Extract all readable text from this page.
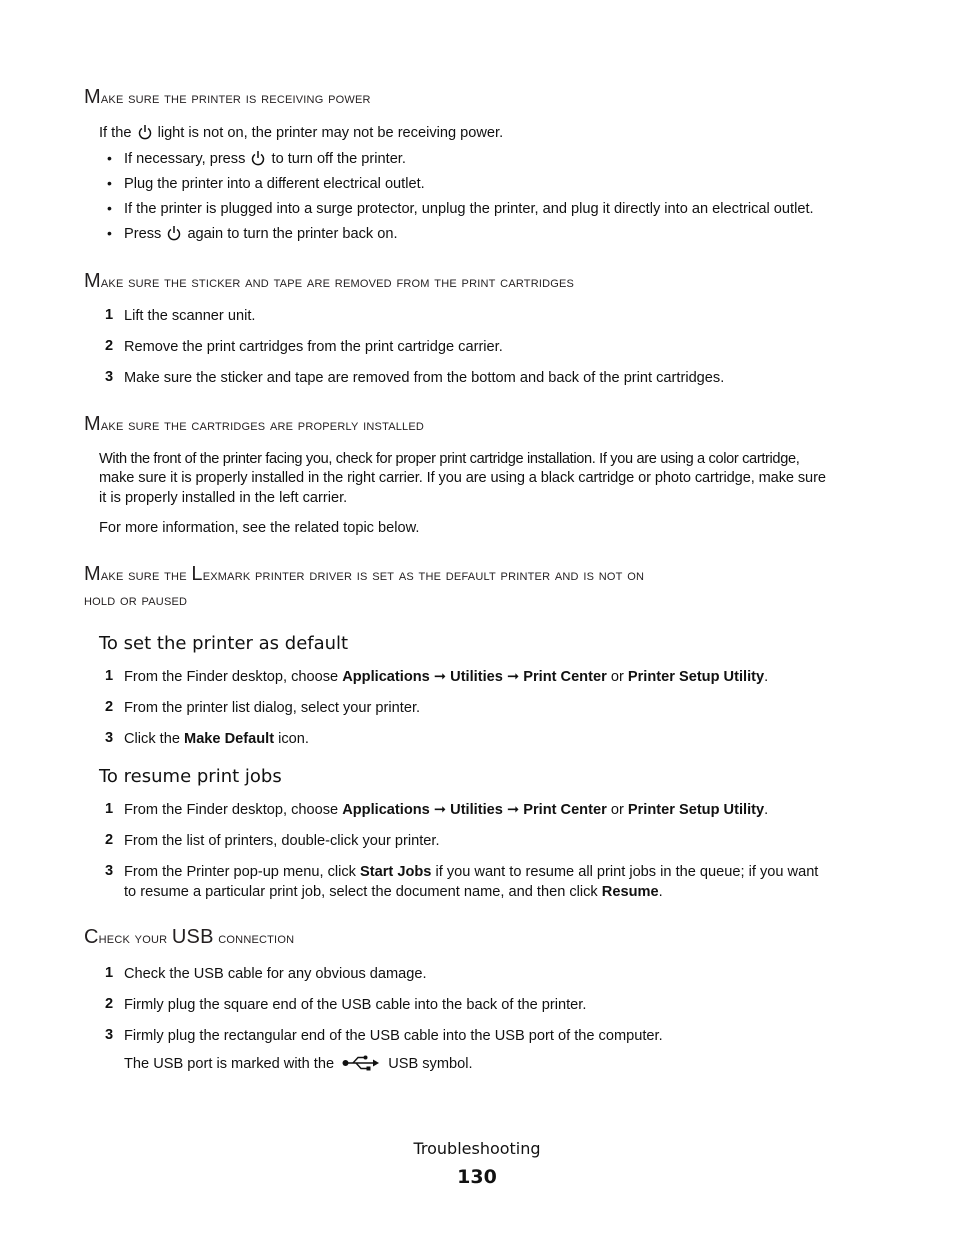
Make sure the printer is receiving power
If the light is not on, the printer may not be receiving power.
• If necessary, press to turn off the printer.
• Plug the printer into a different electrical outlet.
• If the printer is plugged into a surge protector, unplug the printer, and plug it directly into an electrical outlet.
• Press again to turn the printer back on.
Make sure the sticker and tape are removed from the print cartridges
1 Lift the scanner unit.
2 Remove the print cartridges from the print cartridge carrier.
3 Make sure the sticker and tape are removed from the bottom and back of the print cartridges.
Make sure the cartridges are properly installed
With the front of the printer facing you, check for proper print cartridge installation. If you are using a color cartridge,
make sure it is properly installed in the right carrier. If you are using a black cartridge or photo cartridge, make sure
it is properly installed in the left carrier.
For more information, see the related topic below.
Make sure the Lexmark printer driver is set as the default printer and is not on
hold or paused
To set the printer as default
1 From the Finder desktop, choose Applications ➞ Utilities ➞ Print Center or Printer Setup Utility.
2 From the printer list dialog, select your printer.
3 Click the Make Default icon.
To resume print jobs
1 From the Finder desktop, choose Applications ➞ Utilities ➞ Print Center or Printer Setup Utility.
2 From the list of printers, double-click your printer.
3 From the Printer pop-up menu, click Start Jobs if you want to resume all print jobs in the queue; if you want
to resume a particular print job, select the document name, and then click Resume.
Check your USB connection
1 Check the USB cable for any obvious damage.
2 Firmly plug the square end of the USB cable into the back of the printer.
3 Firmly plug the rectangular end of the USB cable into the USB port of the computer.
The USB port is marked with the	USB symbol.
Troubleshooting
130
